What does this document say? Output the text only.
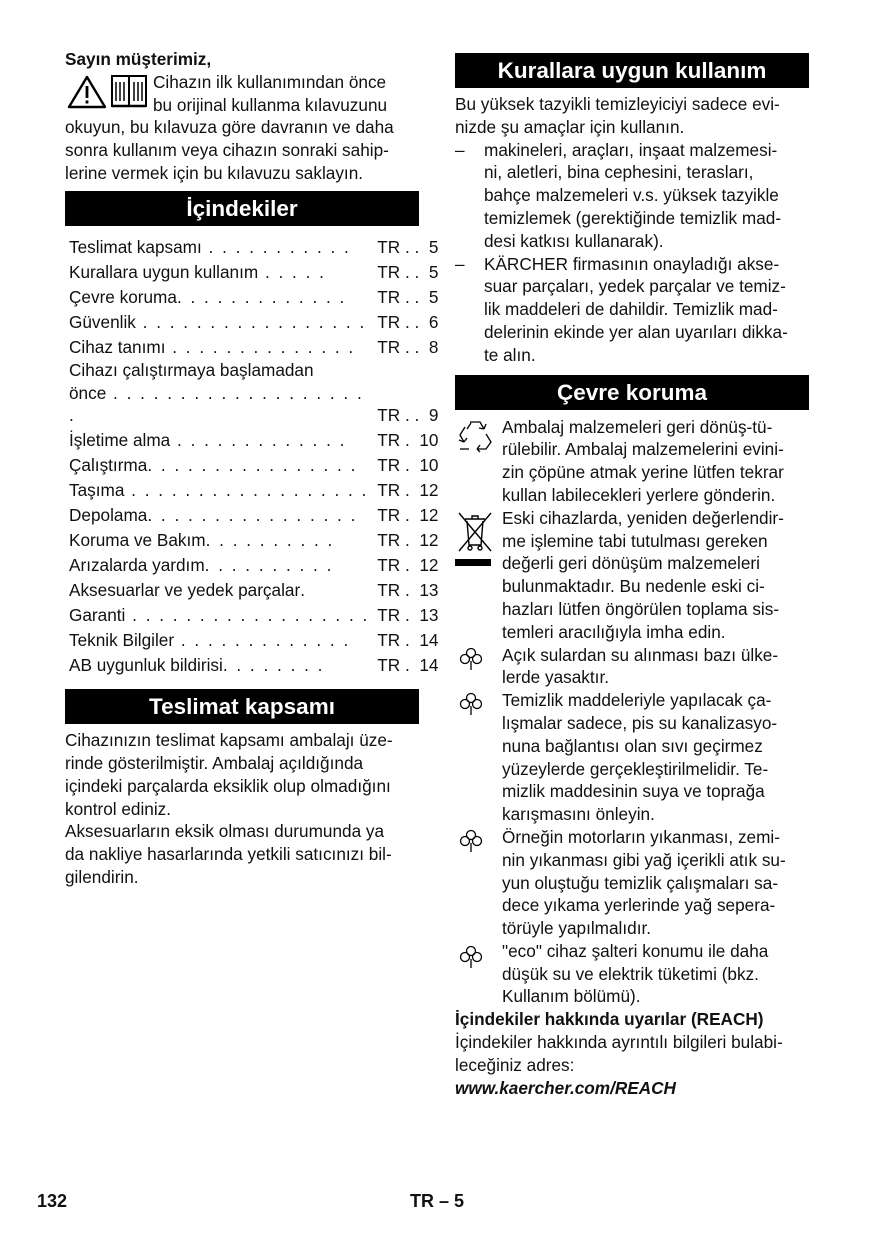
Sayın müşterimiz,
Cihazın ilk kullanımından önce
bu orijinal kullanma kılavuzunu
okuyun, bu kılavuza göre davranın ve daha
sonra kullanım veya cihazın sonraki sahip-
lerine vermek için bu kılavuzu saklayın.
İçindekiler
Teslimat kapsamı . . . . . . . . . . .	TR	. .  5
Kurallara uygun kullanım . . . . .	TR	. .  5
Çevre koruma. . . . . . . . . . . . .	TR	. .  5
Güvenlik . . . . . . . . . . . . . . . . .	TR	. .  6
Cihaz tanımı . . . . . . . . . . . . . .	TR	. .  8

Cihazı çalıştırmaya başlamadan
önce . . . . . . . . . . . . . . . . . . . .	TR	. .  9
İşletime alma . . . . . . . . . . . . .	TR	.  10
Çalıştırma. . . . . . . . . . . . . . . .	TR	.  10
Taşıma . . . . . . . . . . . . . . . . . .	TR	.  12
Depolama. . . . . . . . . . . . . . . .	TR	.  12
Koruma ve Bakım. . . . . . . . . .	TR	.  12
Arızalarda yardım. . . . . . . . . .	TR	.  12
Aksesuarlar ve yedek parçalar.	TR	.  13
Garanti . . . . . . . . . . . . . . . . . .	TR	.  13
Teknik Bilgiler . . . . . . . . . . . . .	TR	.  14
AB uygunluk bildirisi. . . . . . . .	TR	.  14
Teslimat kapsamı
Cihazınızın teslimat kapsamı ambalajı üze-
rinde gösterilmiştir. Ambalaj açıldığında
içindeki parçalarda eksiklik olup olmadığını
kontrol ediniz.
Aksesuarların eksik olması durumunda ya
da nakliye hasarlarında yetkili satıcınızı bil-
gilendirin.
Kurallara uygun kullanım
Bu yüksek tazyikli temizleyiciyi sadece evi-
nizde şu amaçlar için kullanın.
–	makineleri, araçları, inşaat malzemesi-
ni, aletleri, bina cephesini, terasları,
bahçe malzemeleri v.s. yüksek tazyikle
temizlemek (gerektiğinde temizlik mad-
desi katkısı kullanarak).
–	KÄRCHER firmasının onayladığı akse-
suar parçaları, yedek parçalar ve temiz-
lik maddeleri de dahildir. Temizlik mad-
delerinin ekinde yer alan uyarıları dikka-
te alın.
Çevre koruma
Ambalaj malzemeleri geri dönüş-tü-
rülebilir. Ambalaj malzemelerini evini-
zin çöpüne atmak yerine lütfen tekrar
kullan labilecekleri yerlere gönderin.
Eski cihazlarda, yeniden değerlendir-
me işlemine tabi tutulması gereken
değerli geri dönüşüm malzemeleri
bulunmaktadır. Bu nedenle eski ci-
hazları lütfen öngörülen toplama sis-
temleri aracılığıyla imha edin.
Açık sulardan su alınması bazı ülke-
lerde yasaktır.
Temizlik maddeleriyle yapılacak ça-
lışmalar sadece, pis su kanalizasyo-
nuna bağlantısı olan sıvı geçirmez
yüzeylerde gerçekleştirilmelidir. Te-
mizlik maddesinin suya ve toprağa
karışmasını önleyin.
Örneğin motorların yıkanması, zemi-
nin yıkanması gibi yağ içerikli atık su-
yun oluştuğu temizlik çalışmaları sa-
dece yıkama yerlerinde yağ sepera-
törüyle yapılmalıdır.
"eco" cihaz şalteri konumu ile daha
düşük su ve elektrik tüketimi (bkz.
Kullanım bölümü).
İçindekiler hakkında uyarılar (REACH)
İçindekiler hakkında ayrıntılı bilgileri bulabi-
leceğiniz adres:
www.kaercher.com/REACH
132	TR – 5
